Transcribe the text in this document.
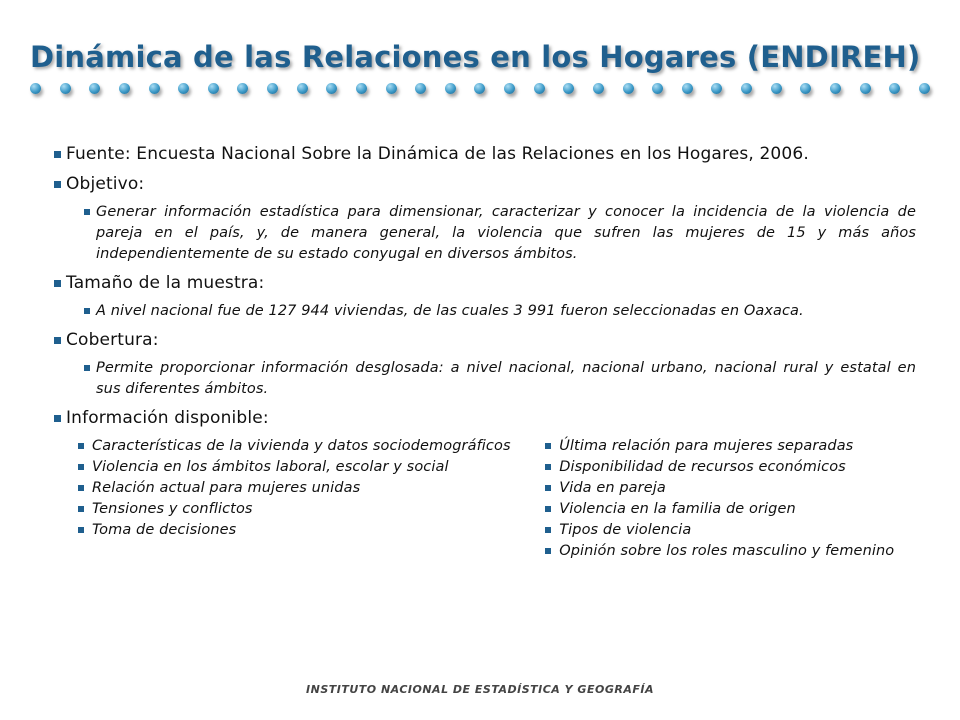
Dinámica de las Relaciones en los Hogares (ENDIREH)
Fuente: Encuesta Nacional Sobre la Dinámica de las Relaciones en los Hogares, 2006.
Objetivo:
Generar información estadística para dimensionar, caracterizar y conocer la incidencia de la violencia de pareja en el país, y, de manera general, la violencia que sufren las mujeres de 15 y más años independientemente de su estado conyugal en diversos ámbitos.
Tamaño de la muestra:
A nivel nacional fue de 127 944 viviendas, de las cuales 3 991 fueron seleccionadas en Oaxaca.
Cobertura:
Permite proporcionar información desglosada: a nivel nacional, nacional urbano, nacional rural y estatal en sus diferentes ámbitos.
Información disponible:
Características de la vivienda y datos sociodemográficos
Violencia en los ámbitos laboral, escolar y social
Relación actual para mujeres unidas
Tensiones y conflictos
Toma de decisiones
Última relación para mujeres separadas
Disponibilidad de recursos económicos
Vida en pareja
Violencia en la familia de origen
Tipos de violencia
Opinión sobre los roles masculino y femenino
INSTITUTO NACIONAL DE ESTADÍSTICA Y GEOGRAFÍA
